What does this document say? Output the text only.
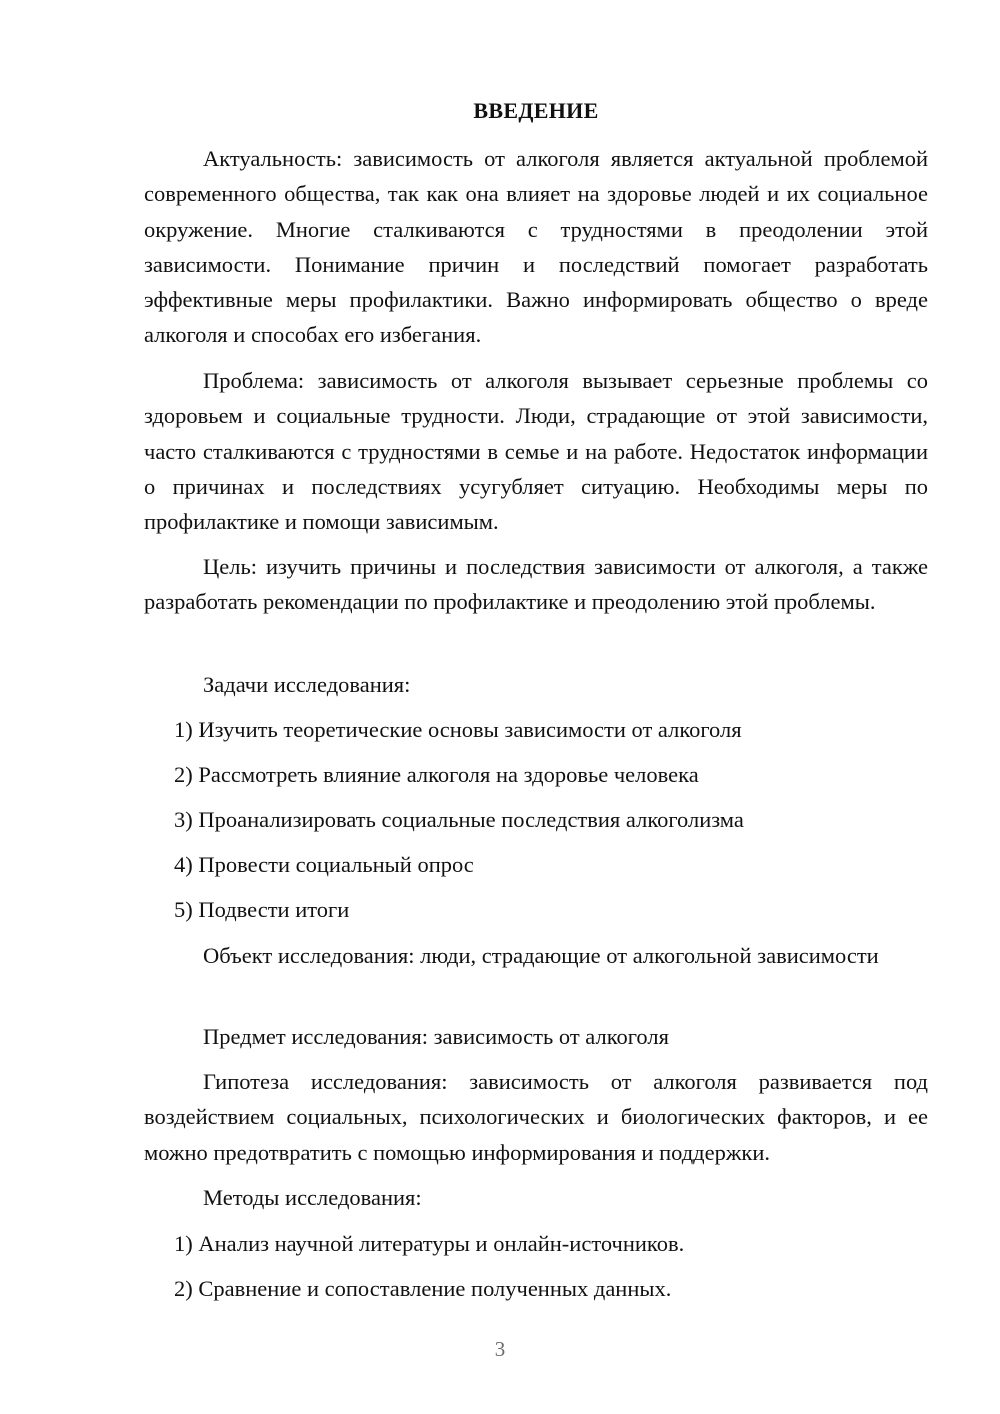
ВВЕДЕНИЕ

Актуальность: зависимость от алкоголя является актуальной проблемой современного общества, так как она влияет на здоровье людей и их социальное окружение. Многие сталкиваются с трудностями в преодолении этой зависимости. Понимание причин и последствий помогает разработать эффективные меры профилактики. Важно информировать общество о вреде алкоголя и способах его избегания.

Проблема: зависимость от алкоголя вызывает серьезные проблемы со здоровьем и социальные трудности. Люди, страдающие от этой зависимости, часто сталкиваются с трудностями в семье и на работе. Недостаток информации о причинах и последствиях усугубляет ситуацию. Необходимы меры по профилактике и помощи зависимым.

Цель: изучить причины и последствия зависимости от алкоголя, а также разработать рекомендации по профилактике и преодолению этой проблемы.

Задачи исследования:
1) Изучить теоретические основы зависимости от алкоголя
2) Рассмотреть влияние алкоголя на здоровье человека
3) Проанализировать социальные последствия алкоголизма
4) Провести социальный опрос
5) Подвести итоги

Объект исследования: люди, страдающие от алкогольной зависимости

Предмет исследования: зависимость от алкоголя

Гипотеза исследования: зависимость от алкоголя развивается под воздействием социальных, психологических и биологических факторов, и ее можно предотвратить с помощью информирования и поддержки.

Методы исследования:
1) Анализ научной литературы и онлайн-источников.
2) Сравнение и сопоставление полученных данных.
3
